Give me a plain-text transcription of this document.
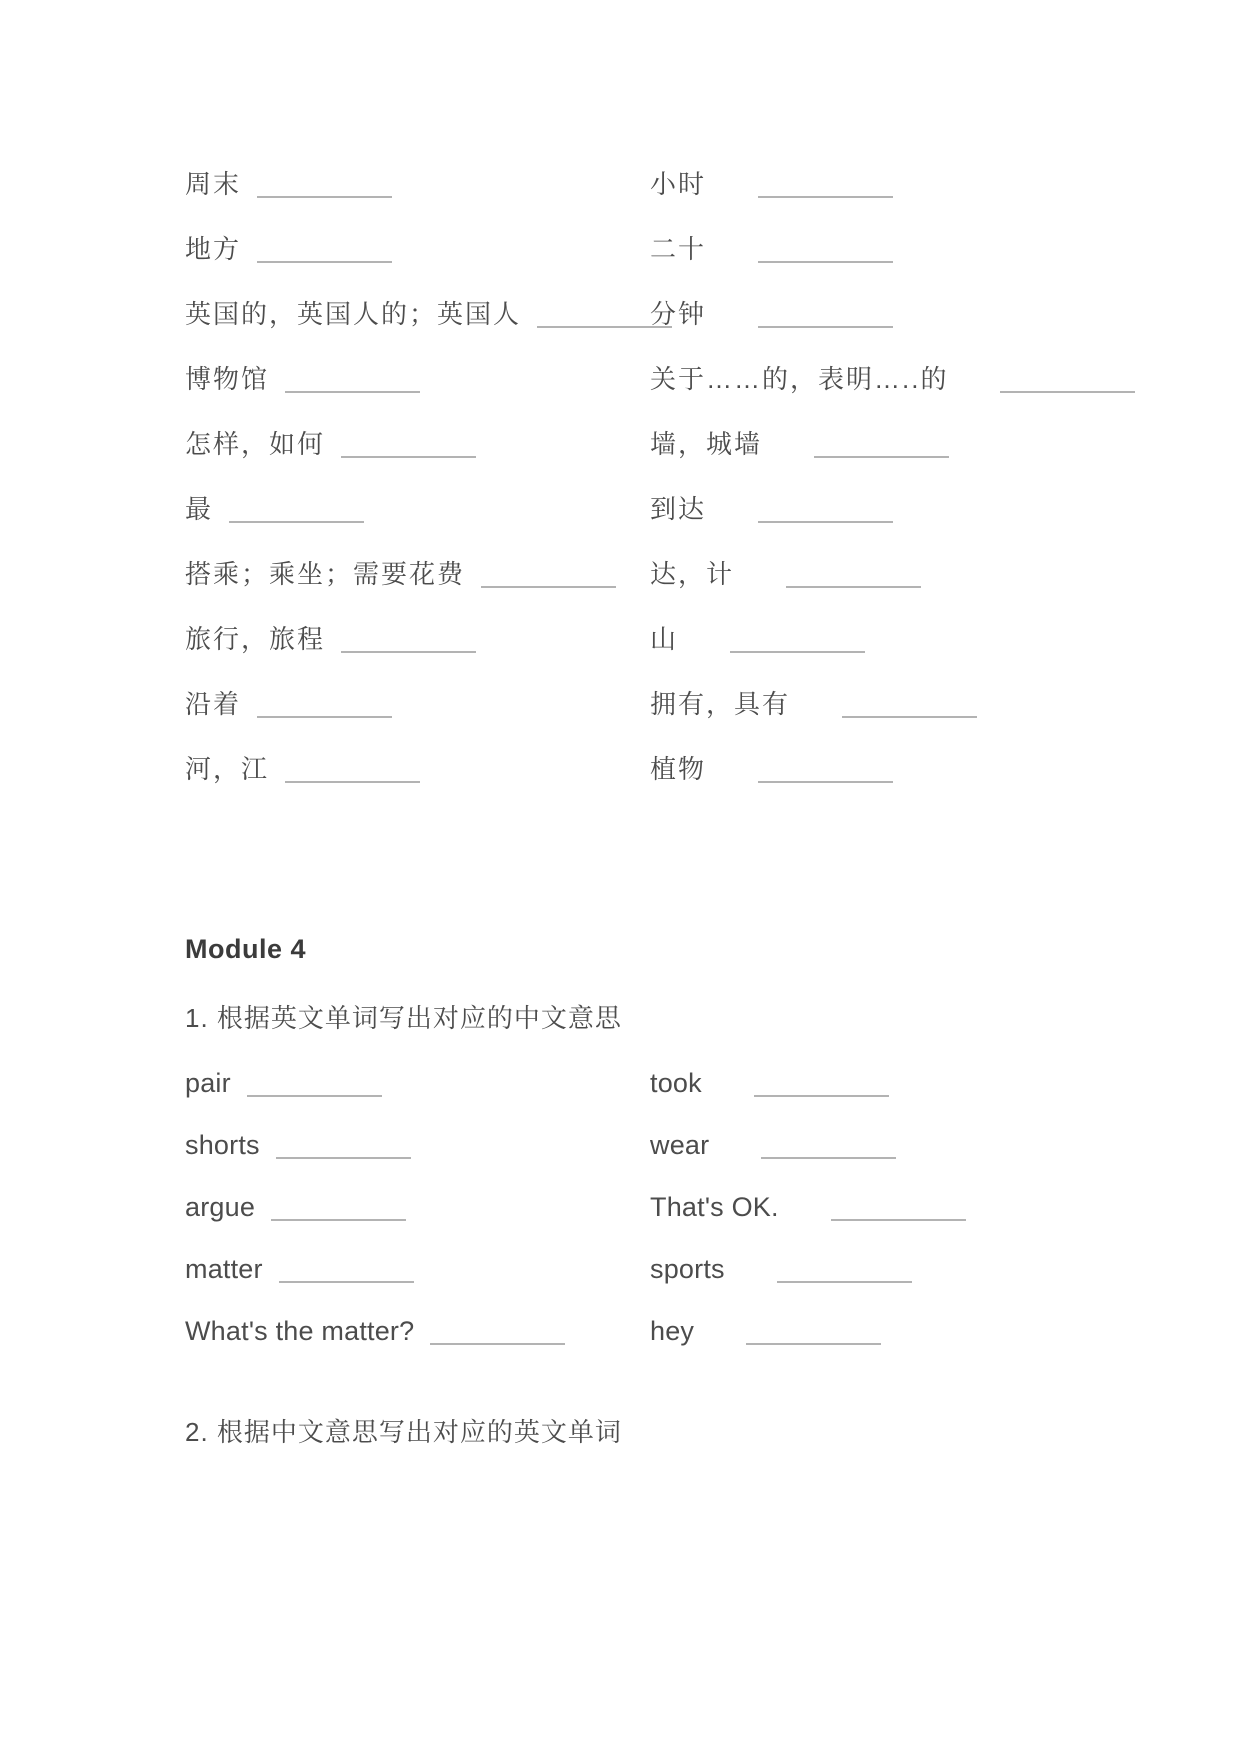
周末	小时
地方	二十
英国的，英国人的；英国人	分钟
博物馆	关于……的，表明…..的
怎样，如何	墙，城墙
最	到达
搭乘；乘坐；需要花费	达，计
旅行，旅程	山
沿着	拥有，具有
河，江	植物
Module 4

1. 根据英文单词写出对应的中文意思

pair	took
shorts	wear
argue	That's OK.
matter	sports
What's the matter?	hey

2. 根据中文意思写出对应的英文单词
